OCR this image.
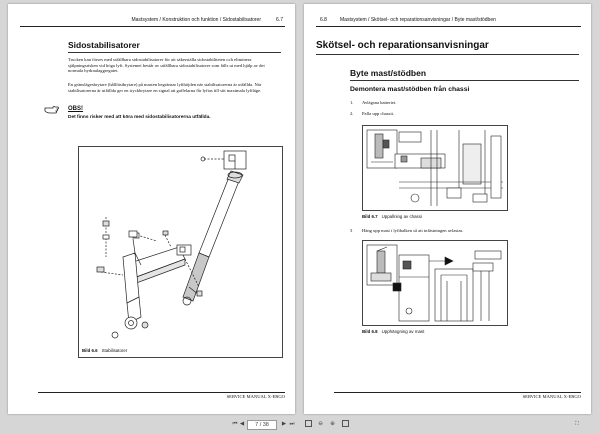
Mastsystem / Konstruktion och funktion / Sidostabilisatorer	6.7
Sidostabilisatorer
Trucken kan förses med utfällbara sidostabilisatorer för att säkerställa sidostabiliteten och eliminera själpningsrisken vid höga lyft. Systemet består av utfällbara sidostabilisatorer som fälls ut med hjälp av det normala hydraulaggregatet.
En gränslägesbrytare (hållfästbrytare) på masten begränsar lyfthöjden när stabilisatorerna är utfällda. När stabilisatorerna är utfällda ger en tryckbrytare en signal att gaffelarna får lyftas till sitt maximala lyftläge.
OBS !
Det finns risker med att köra med sidostabilisatorerna utfällda.
Bild 6.6 Stabilisatorer
SERVICE MANUAL X-ERGO
6.8	Mastsystem / Skötsel- och reparationsanvisningar / Byte mast/stödben
Skötsel- och reparationsanvisningar
Byte mast/stödben
Demontera mast/stödben från chassi
1. Avlägsna batteriet.
2. Palla upp chassit.
Bild 6.7 Uppallning av chassi
3 Häng upp mast i lyftbalken så att infästningen avlastas.
Bild 6.8 Upphängning av mast
SERVICE MANUAL X-ERGO
⏮ ◀	7 / 38	▶ ⏭	⊖	⊕	⛶
